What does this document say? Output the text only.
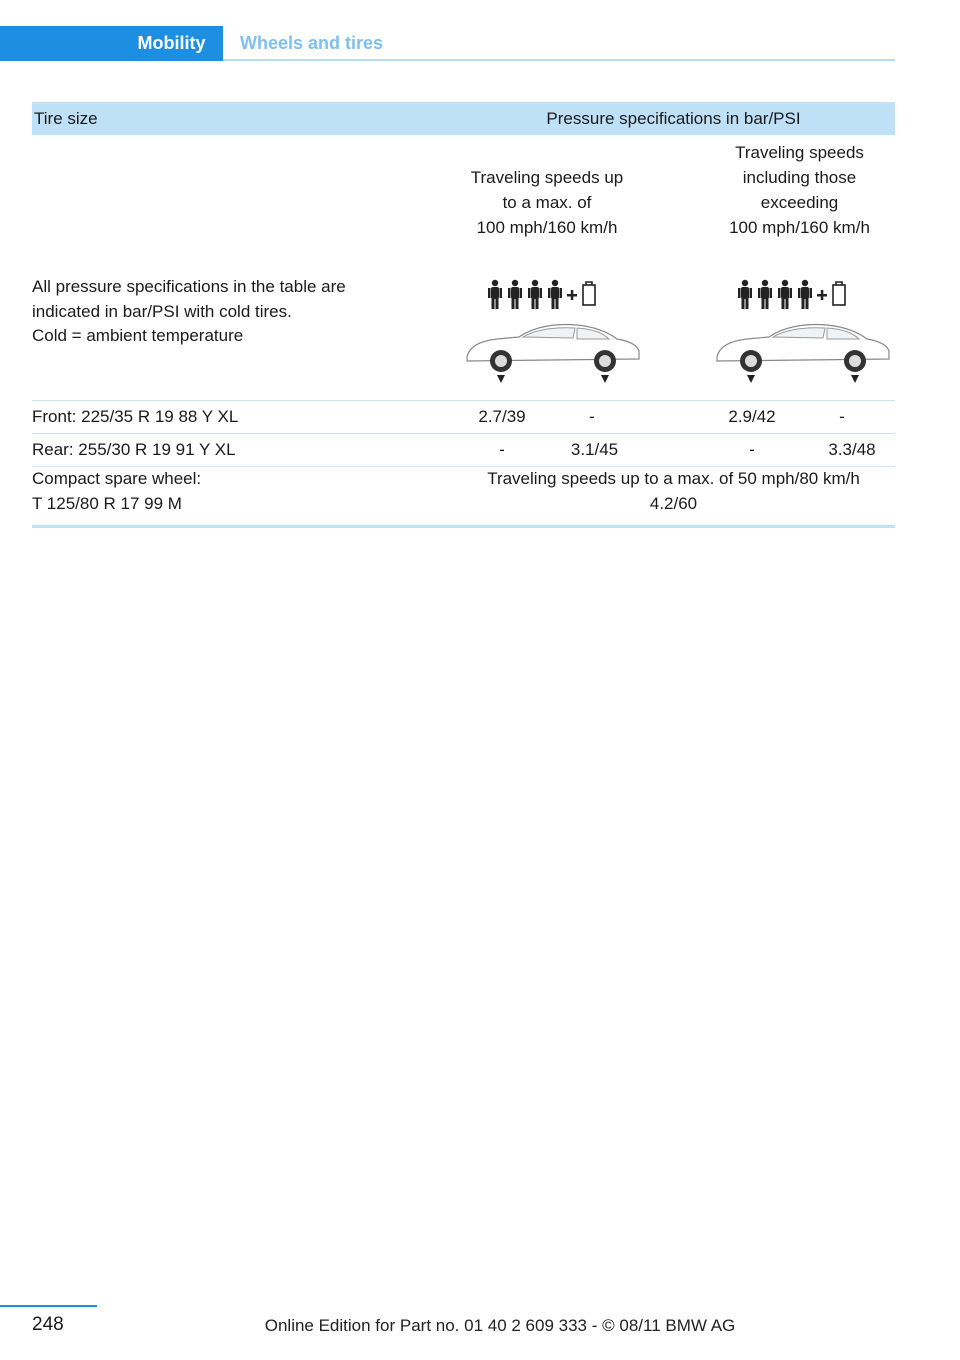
Mobility	Wheels and tires
Tire size	Pressure specifications in bar/PSI
Traveling speeds up
to a max. of
100 mph/160 km/h
Traveling speeds
including those
exceeding
100 mph/160 km/h
All pressure specifications in the table are
indicated in bar/PSI with cold tires.
Cold = ambient temperature
Front: 225/35 R 19 88 Y XL	2.7/39	-	2.9/42	-
Rear: 255/30 R 19 91 Y XL	-	3.1/45	-	3.3/48
Compact spare wheel:
T 125/80 R 17 99 M
Traveling speeds up to a max. of 50 mph/80 km/h
4.2/60
248	Online Edition for Part no. 01 40 2 609 333 - © 08/11 BMW AG
